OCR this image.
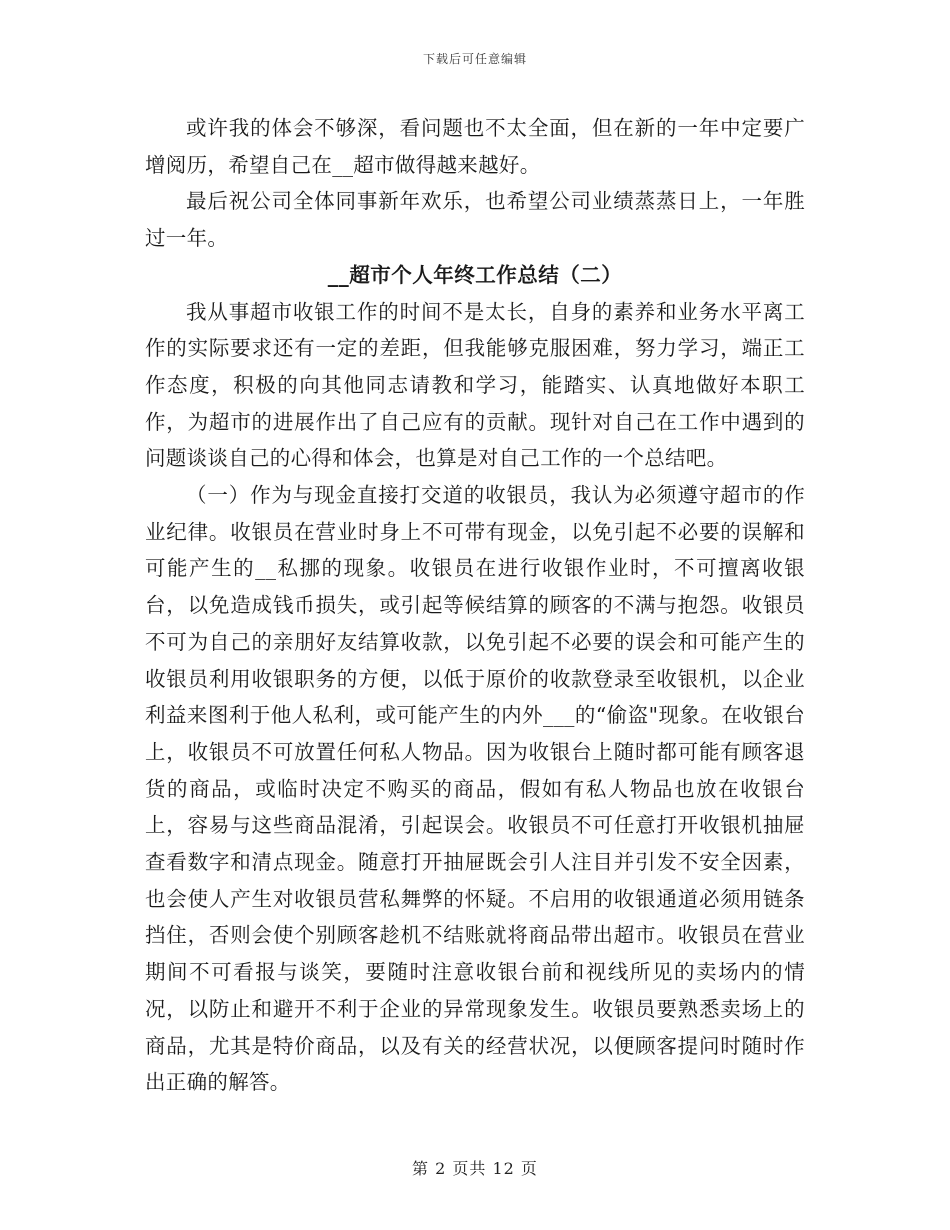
下载后可任意编辑

或许我的体会不够深，看问题也不太全面，但在新的一年中定要广增阅历，希望自己在__超市做得越来越好。

最后祝公司全体同事新年欢乐，也希望公司业绩蒸蒸日上，一年胜过一年。

__超市个人年终工作总结（二）

我从事超市收银工作的时间不是太长，自身的素养和业务水平离工作的实际要求还有一定的差距，但我能够克服困难，努力学习，端正工作态度，积极的向其他同志请教和学习，能踏实、认真地做好本职工作，为超市的进展作出了自己应有的贡献。现针对自己在工作中遇到的问题谈谈自己的心得和体会，也算是对自己工作的一个总结吧。

（一）作为与现金直接打交道的收银员，我认为必须遵守超市的作业纪律。收银员在营业时身上不可带有现金，以免引起不必要的误解和可能产生的__私挪的现象。收银员在进行收银作业时，不可擅离收银台，以免造成钱币损失，或引起等候结算的顾客的不满与抱怨。收银员不可为自己的亲朋好友结算收款，以免引起不必要的误会和可能产生的收银员利用收银职务的方便，以低于原价的收款登录至收银机，以企业利益来图利于他人私利，或可能产生的内外___的“偷盗"现象。在收银台上，收银员不可放置任何私人物品。因为收银台上随时都可能有顾客退货的商品，或临时决定不购买的商品，假如有私人物品也放在收银台上，容易与这些商品混淆，引起误会。收银员不可任意打开收银机抽屉查看数字和清点现金。随意打开抽屉既会引人注目并引发不安全因素，也会使人产生对收银员营私舞弊的怀疑。不启用的收银通道必须用链条挡住，否则会使个别顾客趁机不结账就将商品带出超市。收银员在营业期间不可看报与谈笑，要随时注意收银台前和视线所见的卖场内的情况，以防止和避开不利于企业的异常现象发生。收银员要熟悉卖场上的商品，尤其是特价商品，以及有关的经营状况，以便顾客提问时随时作出正确的解答。

第 2 页共 12 页
